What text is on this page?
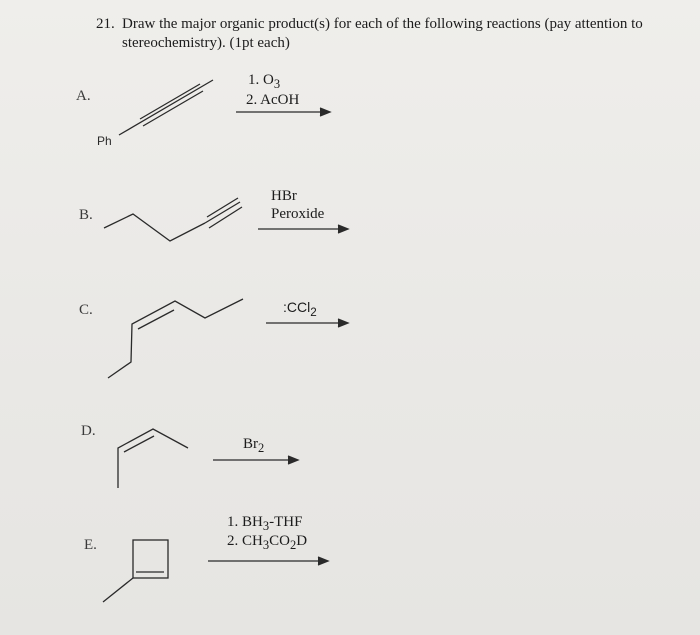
21. Draw the major organic product(s) for each of the following reactions (pay attention to
stereochemistry). (1pt each)
A.
B.
C.
D.
E.
Ph
1. $O_3$
2. AcOH
HBr
Peroxide
:CCl$_2$
$Br_2$
1. $BH_3$-THF
2. $CH_3CO_2D$
